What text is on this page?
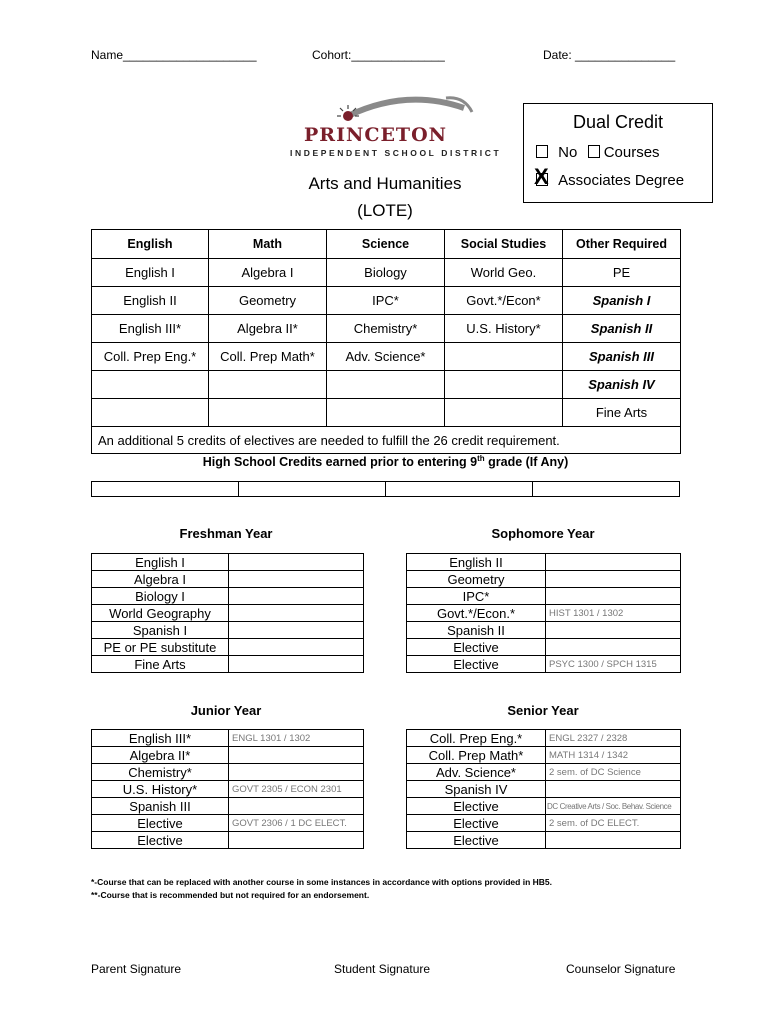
Name____________________	Cohort:______________	Date: _______________
PRINCETON
INDEPENDENT SCHOOL DISTRICT
Dual Credit
No Courses
Associates Degree
X
Arts and Humanities
(LOTE)
English	Math	Science	Social Studies	Other Required
English I	Algebra I	Biology	World Geo.	PE
English II	Geometry	IPC*	Govt.*/Econ*	Spanish I
English III*	Algebra II*	Chemistry*	U.S. History*	Spanish II
Coll. Prep Eng.*	Coll. Prep Math*	Adv. Science*		Spanish III
				Spanish IV
				Fine Arts
An additional 5 credits of electives are needed to fulfill the 26 credit requirement.				
High School Credits earned prior to entering 9th grade (If Any)

Freshman Year	Sophomore Year
Junior Year	Senior Year
English I	
Algebra I	
Biology I	
World Geography	
Spanish I	
PE or PE substitute	
Fine Arts	
English II	
Geometry	
IPC*	
Govt.*/Econ.*	HIST 1301 / 1302
Spanish II	
Elective	
Elective	PSYC 1300 / SPCH 1315
English III*	ENGL 1301 / 1302
Algebra II*	
Chemistry*	
U.S. History*	GOVT 2305 / ECON 2301
Spanish III	
Elective	GOVT 2306 / 1 DC ELECT.
Elective	
Coll. Prep Eng.*	ENGL 2327 / 2328
Coll. Prep Math*	MATH 1314 / 1342
Adv. Science*	2 sem. of DC Science
Spanish IV	
Elective	DC Creative Arts / Soc. Behav. Science
Elective	2 sem. of DC ELECT.
Elective	
*-Course that can be replaced with another course in some instances in accordance with options provided in HB5.
**-Course that is recommended but not required for an endorsement.
Parent Signature	Student Signature	Counselor Signature
